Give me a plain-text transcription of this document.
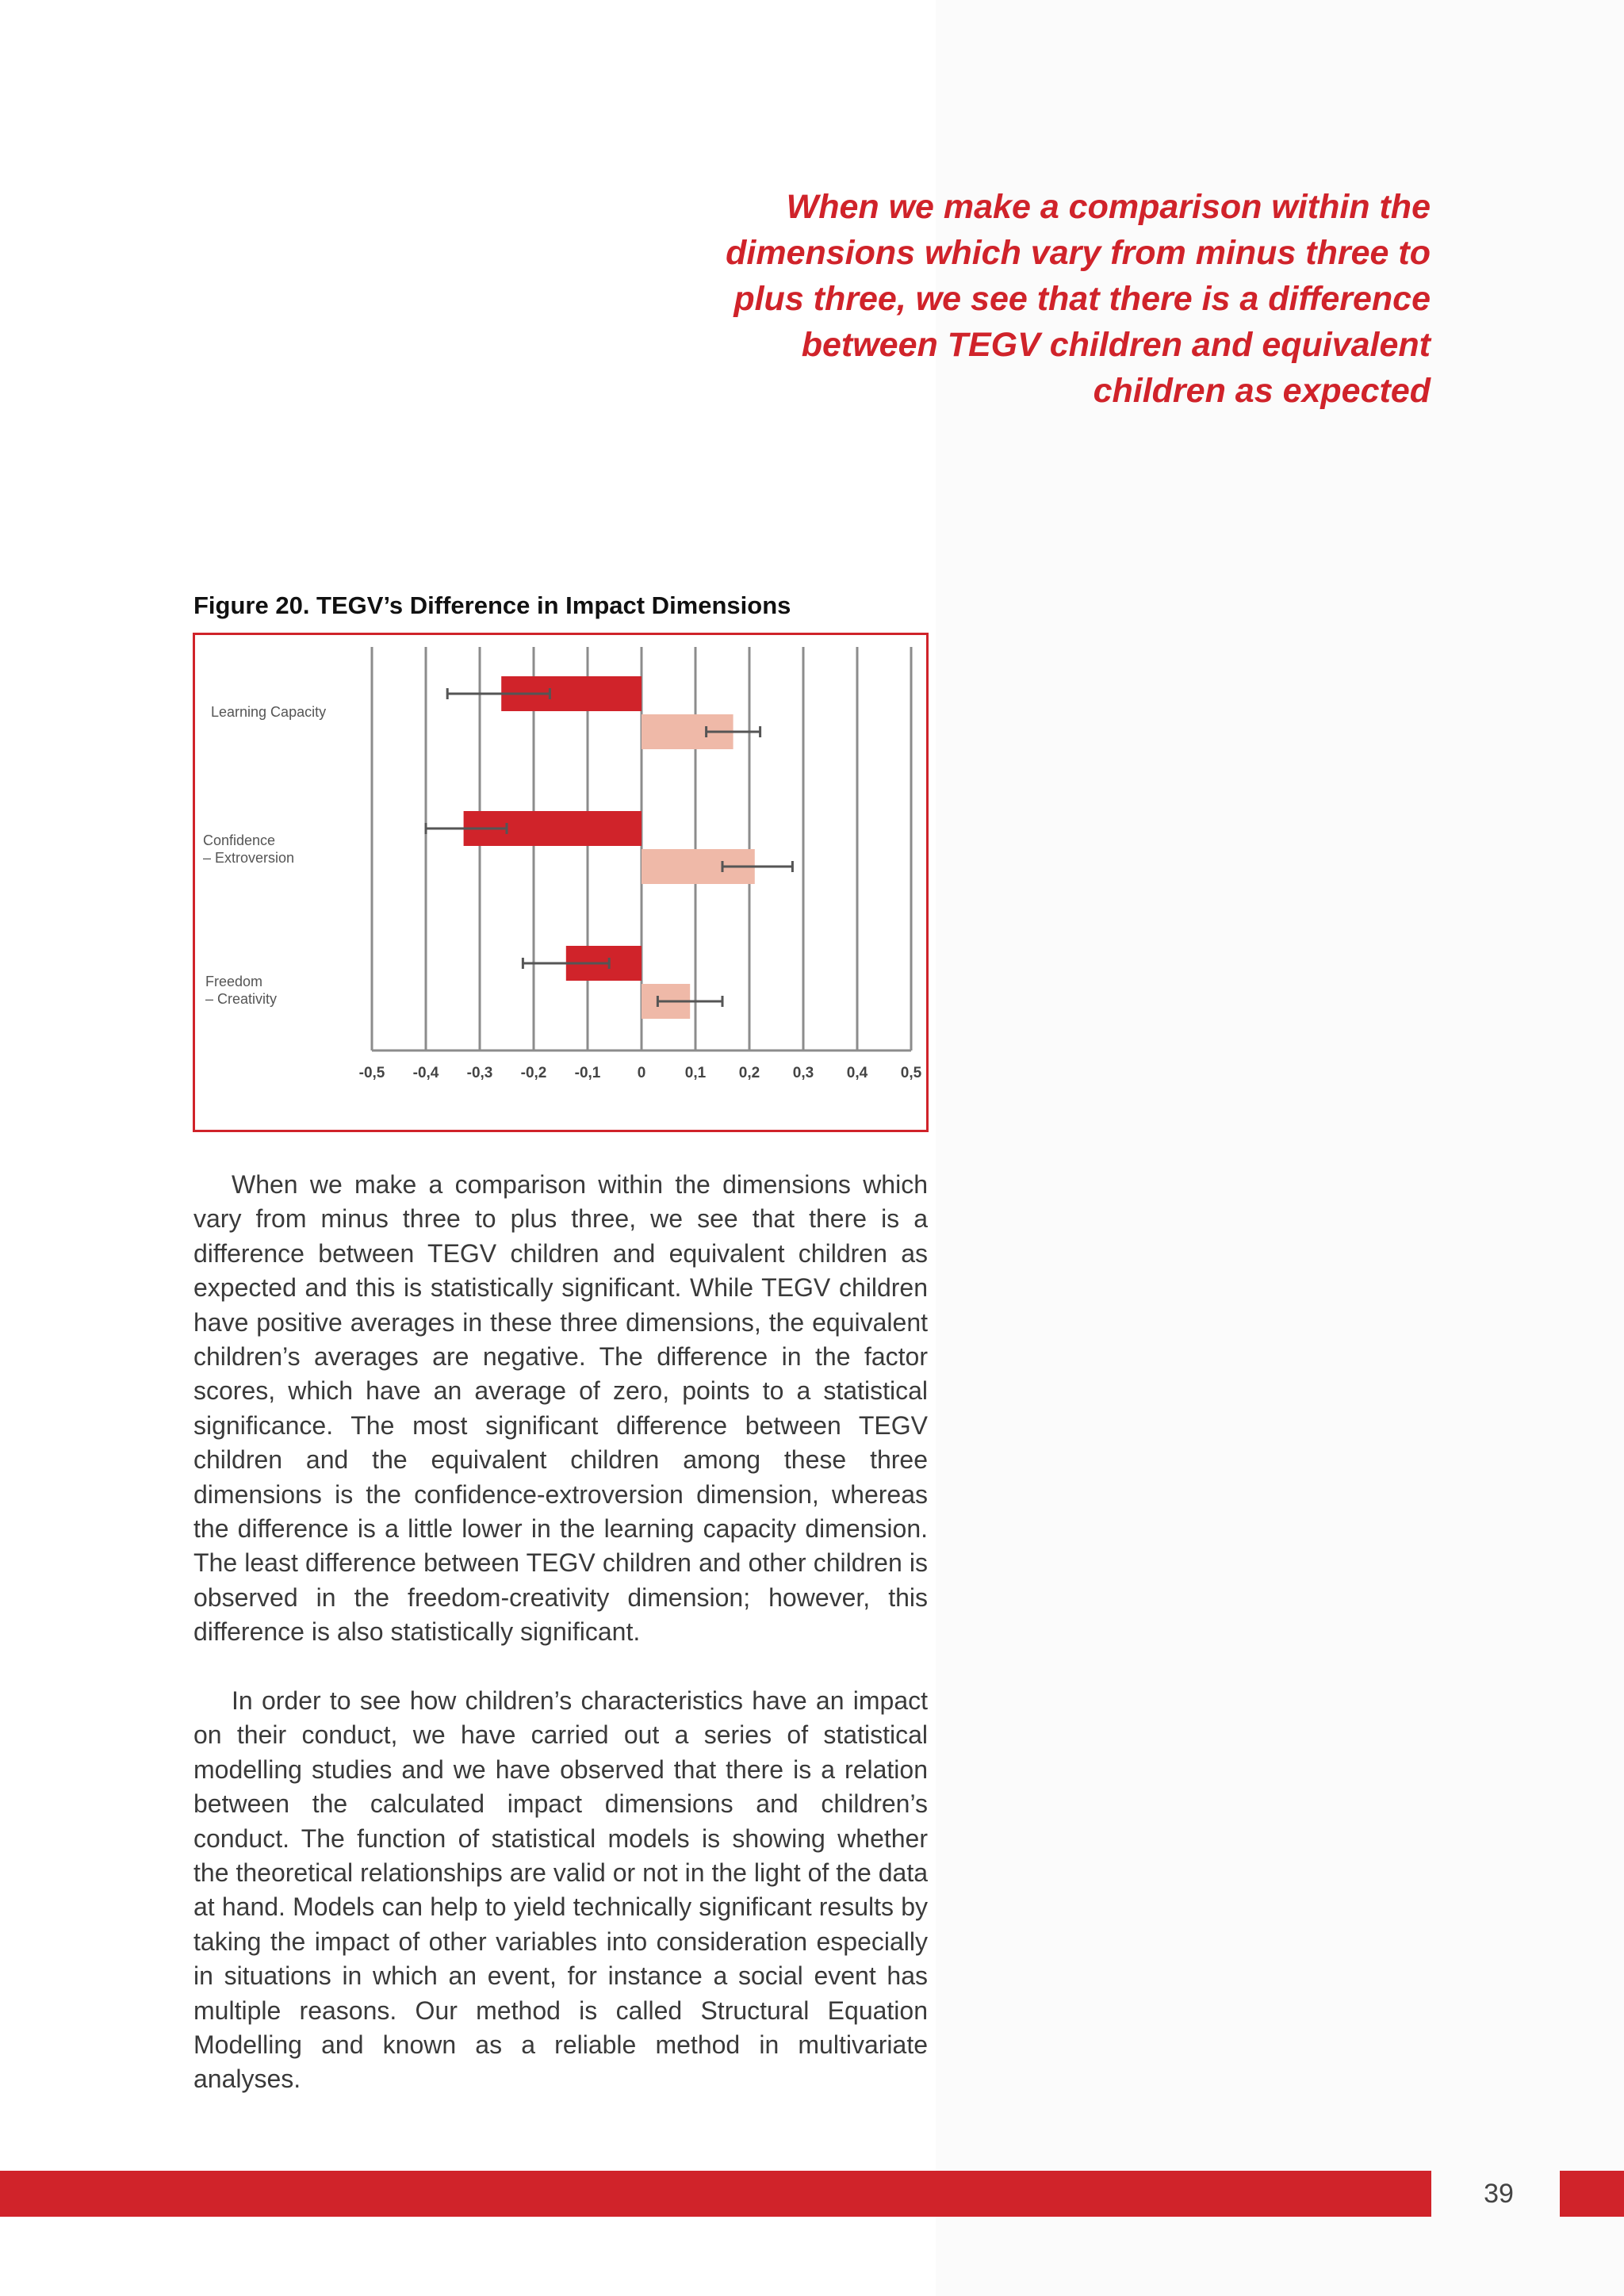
When we make a comparison within the dimensions which vary from minus three to plus three, we see that there is a difference between TEGV children and equivalent children as expected
Figure 20. TEGV’s Difference in Impact Dimensions
-0,5 -0,4 -0,3 -0,2 -0,1 0	0,1 0,2 0,3 0,4 0,5
Learning Capacity
Confidence – Extroversion
Freedom – Creativity

When we make a comparison within the dimensions which vary from minus three to plus three, we see that there is a difference between TEGV children and equivalent children as expected and this is statistically significant. While TEGV children have positive averages in these three dimensions, the equivalent children’s averages are negative. The difference in the factor scores, which have an average of zero, points to a statistical significance. The most significant difference between TEGV children and the equivalent children among these three dimensions is the confidence-extroversion dimension, whereas the difference is a little lower in the learning capacity dimension. The least difference between TEGV children and other children is observed in the freedom-creativity dimension; however, this difference is also statistically significant.

In order to see how children’s characteristics have an impact on their conduct, we have carried out a series of statistical modelling studies and we have observed that there is a relation between the calculated impact dimensions and children’s conduct. The function of statistical models is showing whether the theoretical relationships are valid or not in the light of the data at hand. Models can help to yield technically significant results by taking the impact of other variables into consideration especially in situations in which an event, for instance a social event has multiple reasons. Our method is called Structural Equation Modelling and known as a reliable method in multivariate analyses.

39
